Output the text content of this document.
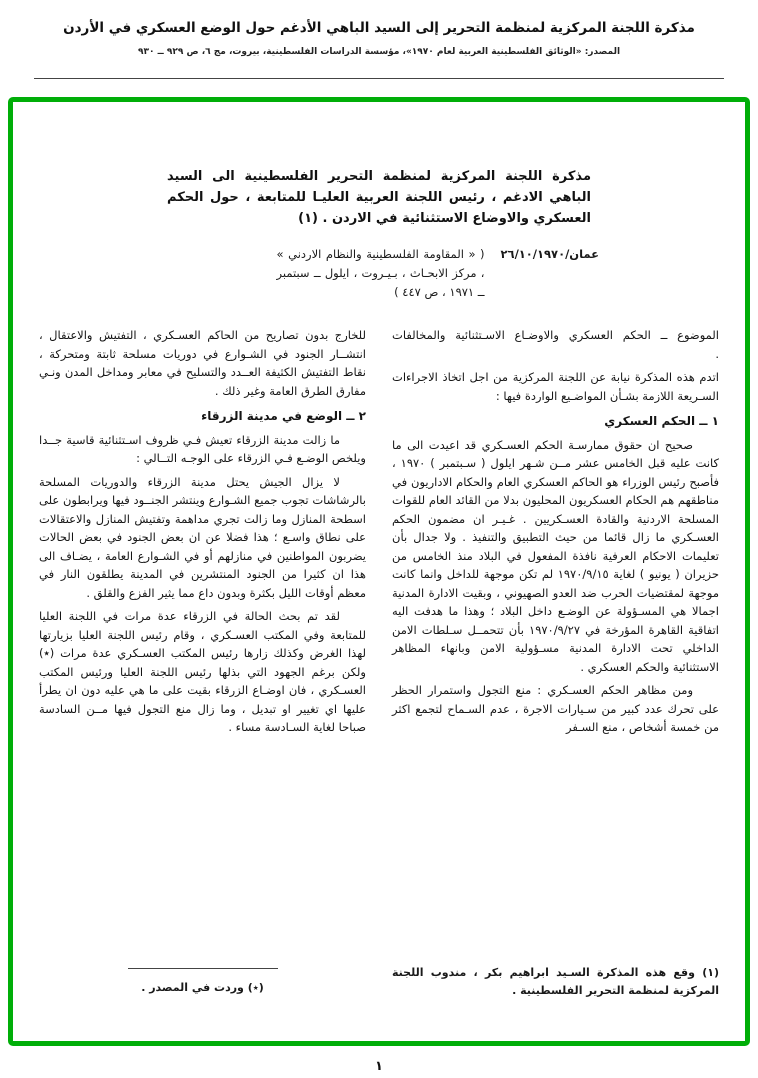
مذكرة اللجنة المركزية لمنظمة التحرير إلى السيد الباهي الأدغم حول الوضع العسكري في الأردن
المصدر: «الوثائق الفلسطينية العربية لعام ١٩٧٠»، مؤسسة الدراسات الفلسطينية، بيروت، مج ٦، ص ٩٢٩ ــ ٩٣٠
مذكرة اللجنة المركزية لمنظمة التحرير الفلسطينية الى السيد الباهي الادغم ، رئيس اللجنة العربية العليـا للمتابعة ، حول الحكم العسكري والاوضاع الاستثنائية في الاردن . (١)
عمان/٢٦/١٠/١٩٧٠
( « المقاومة الفلسطينية والنظام الاردني » ، مركز الابحـاث ، بـيـروت ، ايلول ــ سبتمبر ــ ١٩٧١ ، ص ٤٤٧ )

الموضوع ــ الحكم العسكري والاوضـاع الاسـتثنائية والمخالفات .

اتدم هذه المذكرة نيابة عن اللجنة المركزية من اجل اتخاذ الاجراءات السـريعة اللازمة بشـأن المواضـيع الواردة فيها :

١ ــ الحكم العسكري

صحيح ان حقوق ممارسـة الحكم العسـكري قد اعيدت الى ما كانت عليه قبل الخامس عشر مــن شـهر ايلول ( سـبتمبر ) ١٩٧٠ ، فأصبح رئيس الوزراء هو الحاكم العسكري العام والحكام الاداريون في مناطقهم هم الحكام العسكريون المحليون بدلا من القائد العام للقوات المسلحة الاردنية والقادة العسـكريين . غـيـر ان مضمون الحكم العسـكري ما زال قائما من حيث التطبيق والتنفيذ . ولا جدال بأن تعليمات الاحكام العرفية نافذة المفعول في البلاد منذ الخامس من حزيران ( يونيو ) لغاية ١٩٧٠/٩/١٥ لم تكن موجهة للداخل وانما كانت موجهة لمقتضيات الحرب ضد العدو الصهيوني ، وبقيت الادارة المدنية اجمالا هي المسـؤولة عن الوضـع داخل البلاد ؛ وهذا ما هدفت اليه اتفاقية القاهرة المؤرخة في ١٩٧٠/٩/٢٧ بأن تتحمــل سـلطات الامن الداخلي تحت الادارة المدنية مسـؤولية الامن وبانهاء المظاهر الاستثنائية والحكم العسكري .

ومن مظاهر الحكم العسـكري : منع التجول واستمرار الحظر على تحرك عدد كبير من سـيارات الاجرة ، عدم السـماح لتجمع اكثر من خمسة أشخاص ، منع السـفر

للخارج بدون تصاريح من الحاكم العسـكري ، التفتيش والاعتقال ، انتشــار الجنود في الشـوارع في دوريات مسلحة ثابتة ومتحركة ، نقاط التفتيش الكثيفة العــدد والتسليح في معابر ومداخل المدن ونـي مفارق الطرق العامة وغير ذلك .

٢ ــ الوضع في مدينة الزرقاء

ما زالت مدينة الزرقاء تعيش فـي ظروف اسـتثنائية قاسية جــدا ويلخص الوضـع فـي الزرقاء على الوجـه التــالي :

لا يزال الجيش يحتل مدينة الزرقاء والدوريات المسلحة بالرشاشات تجوب جميع الشـوارع وينتشر الجنــود فيها ويرابطون على اسطحة المنازل وما زالت تجري مداهمة وتفتيش المنازل والاعتقالات على نطاق واسـع ؛ هذا فضلا عن ان بعض الجنود في بعض الحالات يضربون المواطنين في منازلهم أو في الشـوارع العامة ، يضـاف الى هذا ان كثيرا من الجنود المنتشرين في المدينة يطلقون النار في معظم أوقات الليل بكثرة وبدون داع مما يثير الفزع والقلق .

لقد تم بحث الحالة في الزرقاء عدة مرات في اللجنة العليا للمتابعة وفي المكتب العسـكري ، وقام رئيس اللجنة العليا بزيارتها لهذا الغرض وكذلك زارها رئيس المكتب العسـكري عدة مرات (٭) ولكن برغم الجهود التي بذلها رئيس اللجنة العليا ورئيس المكتب العسـكري ، فان اوضـاع الزرقاء بقيت على ما هي عليه دون ان يطرأ عليها اي تغيير او تبديل ، وما زال منع التجول فيها مــن السادسة صباحا لغاية السـادسة مساء .

(١) وقع هذه المذكرة السـيد ابراهيم بكر ، مندوب اللجنة المركزية لمنظمة التحرير الفلسطينية .
(٭) وردت في المصدر .
١
